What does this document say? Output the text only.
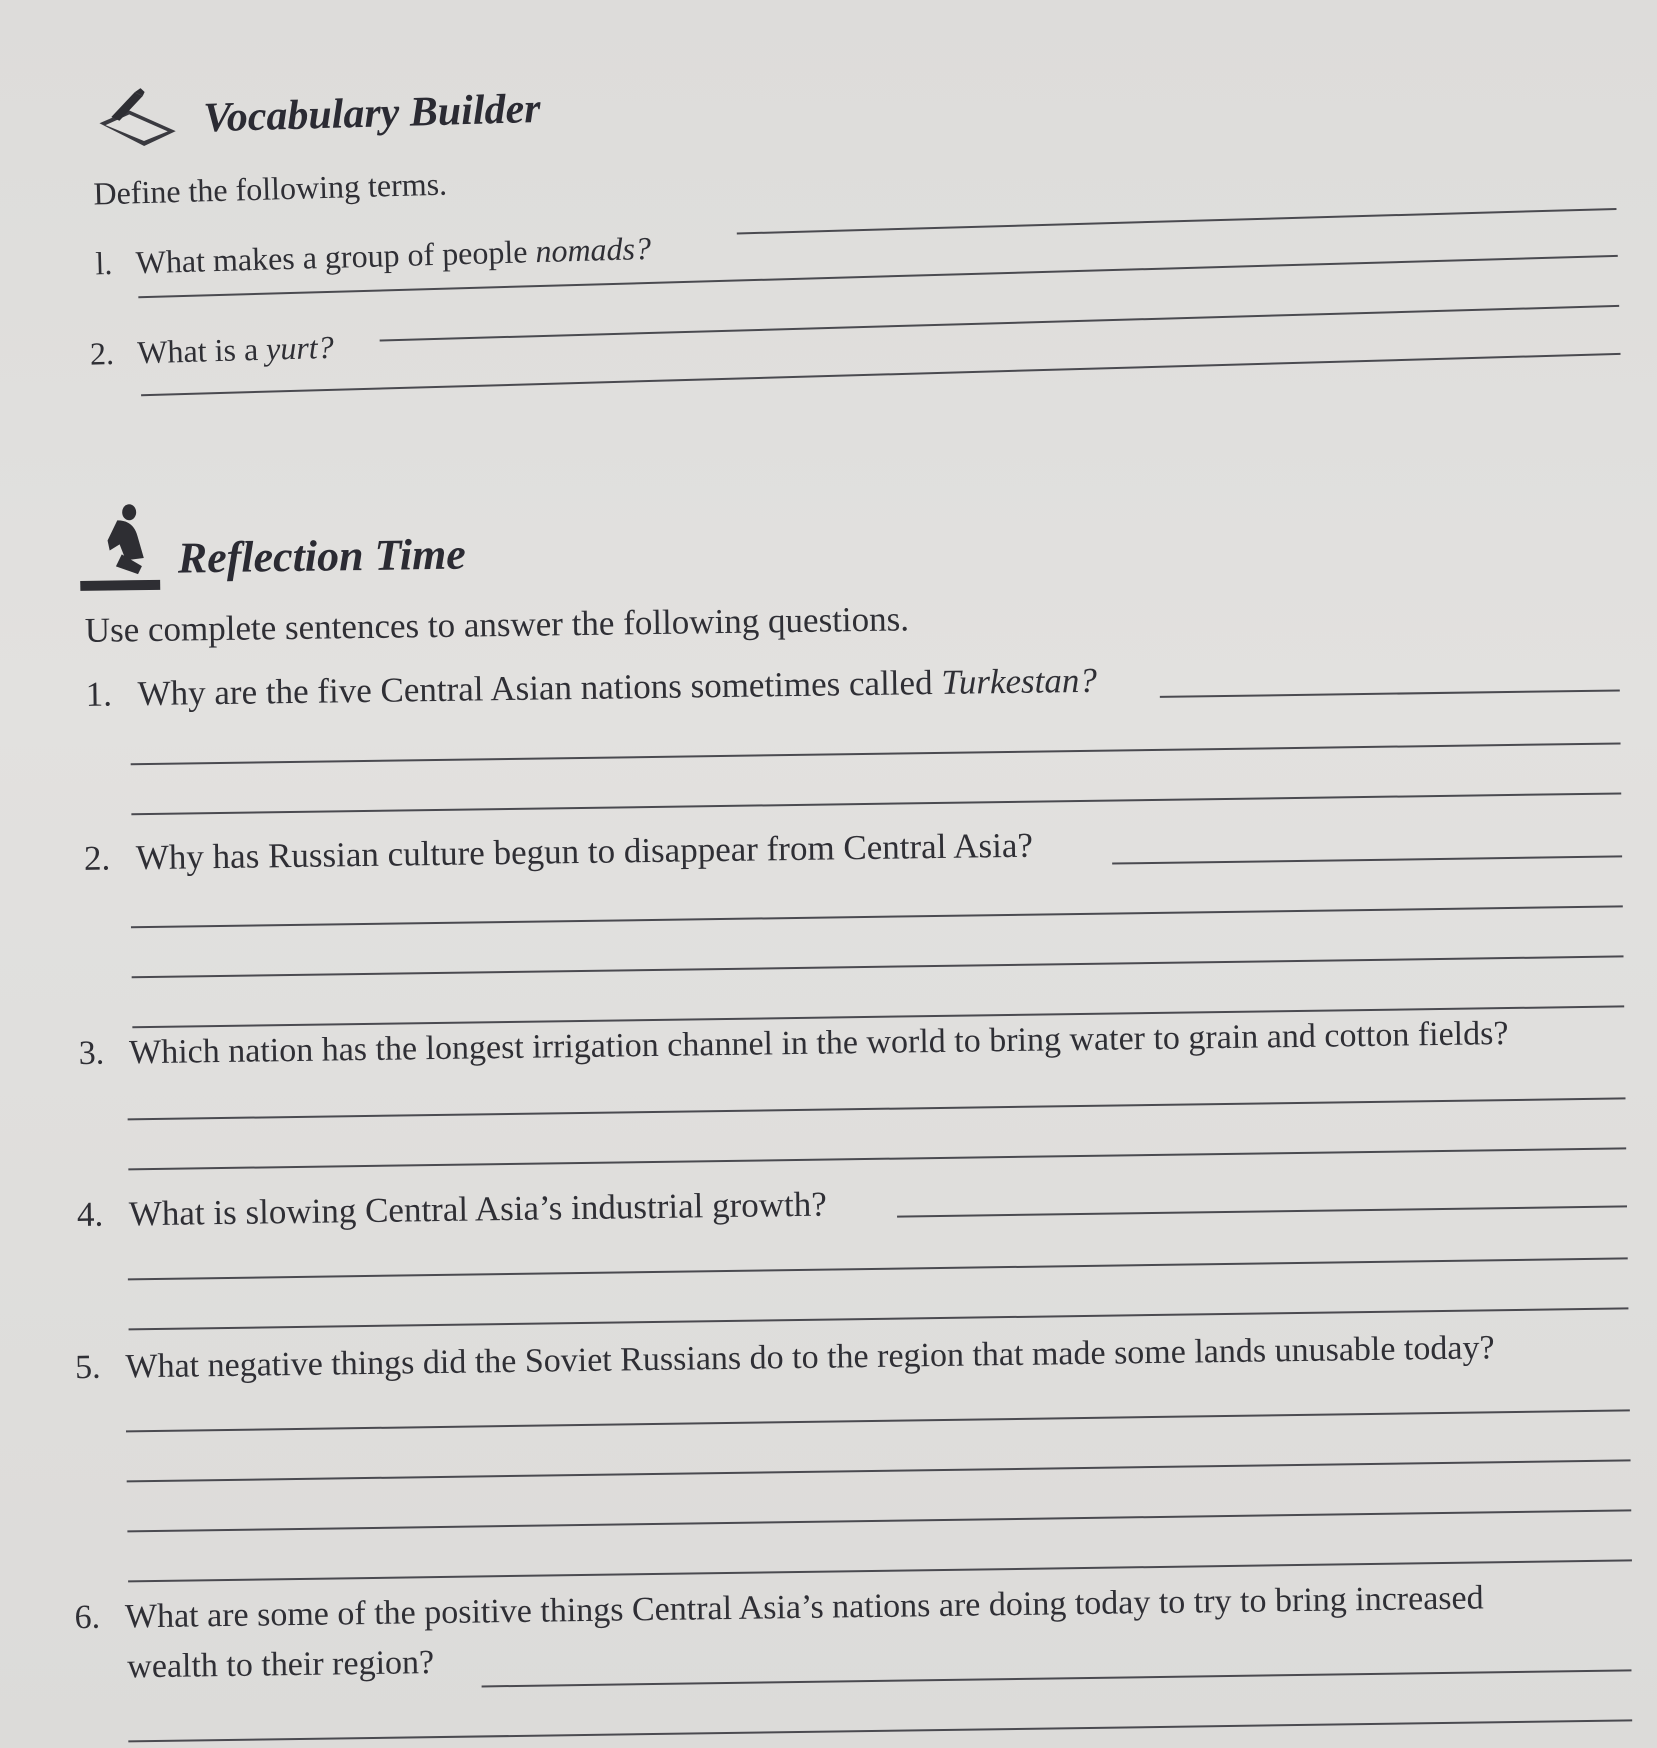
Vocabulary Builder
Define the following terms.
l. What makes a group of people nomads?
2. What is a yurt?
Reflection Time
Use complete sentences to answer the following questions.
1. Why are the five Central Asian nations sometimes called Turkestan?
2. Why has Russian culture begun to disappear from Central Asia?
3. Which nation has the longest irrigation channel in the world to bring water to grain and cotton fields?
4. What is slowing Central Asia’s industrial growth?
5. What negative things did the Soviet Russians do to the region that made some lands unusable today?
6. What are some of the positive things Central Asia’s nations are doing today to try to bring increased
wealth to their region?
